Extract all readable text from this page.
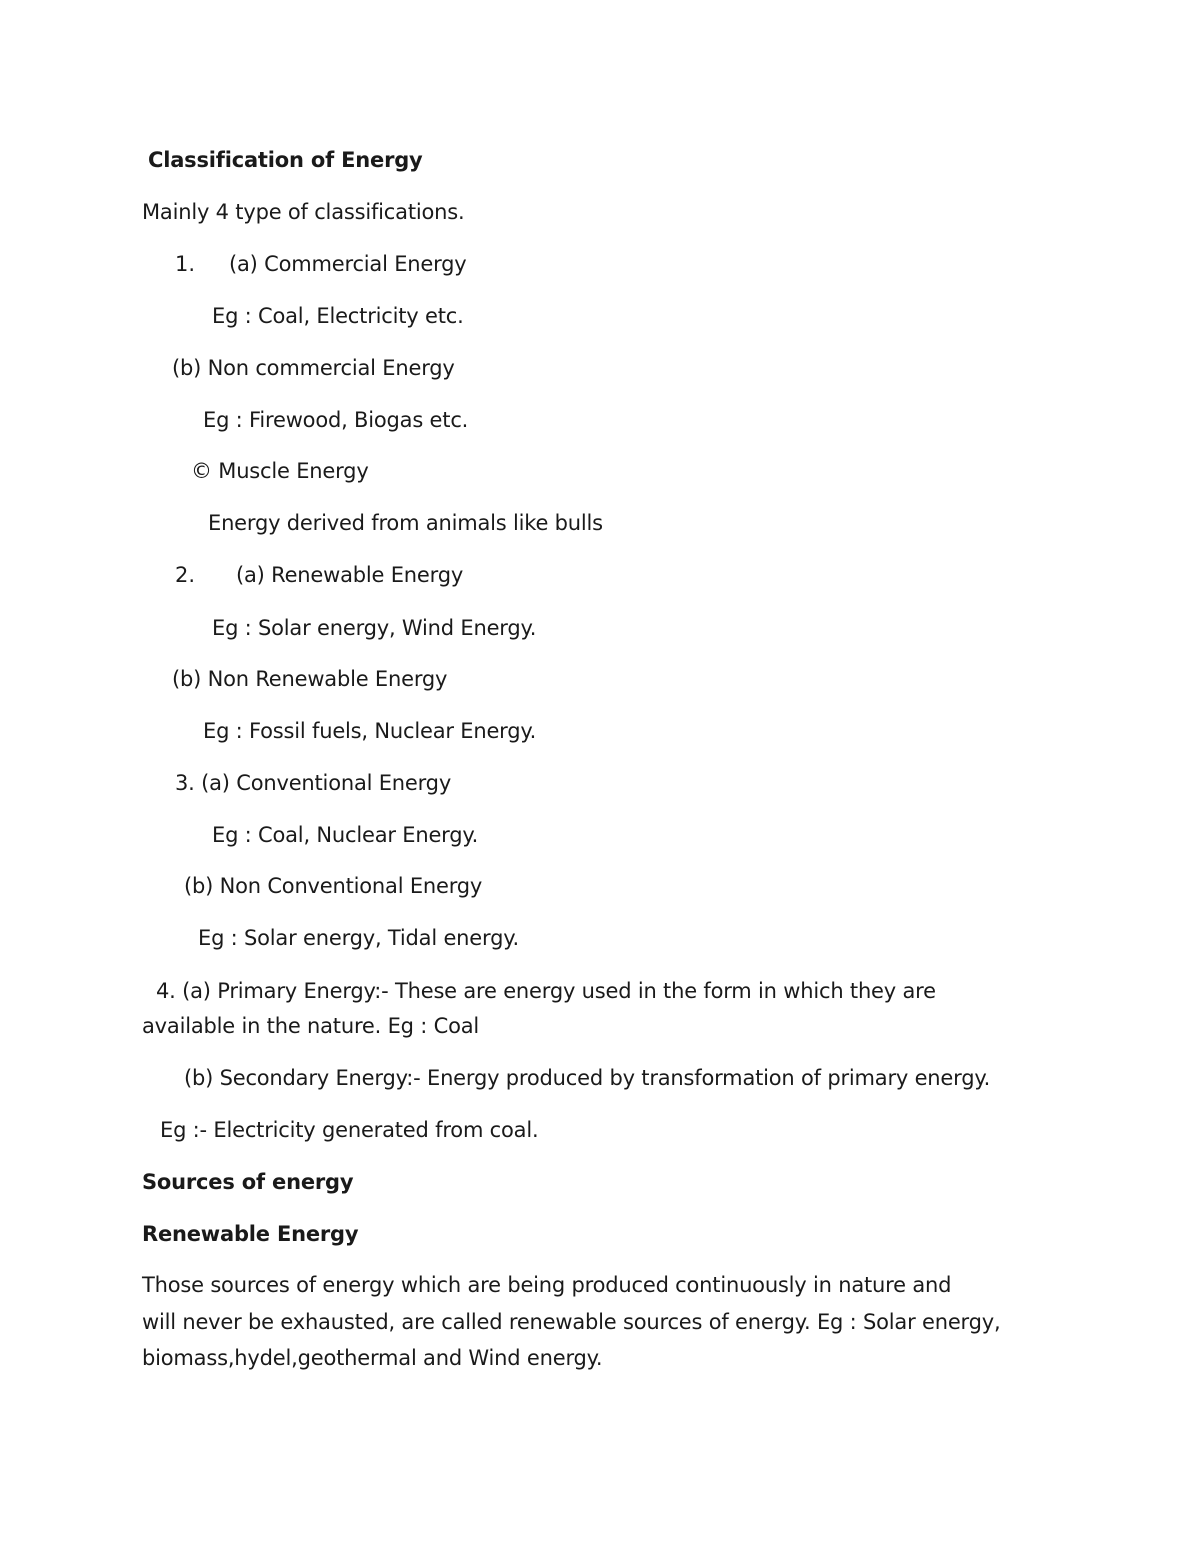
Classification of Energy
Mainly 4 type of classifications.
1. (a) Commercial Energy
Eg : Coal, Electricity etc.
(b) Non commercial Energy
Eg : Firewood, Biogas etc.
© Muscle Energy
Energy derived from animals like bulls
2. (a) Renewable Energy
Eg : Solar energy, Wind Energy.
(b) Non Renewable Energy
Eg : Fossil fuels, Nuclear Energy.
3. (a) Conventional Energy
Eg : Coal, Nuclear Energy.
(b) Non Conventional Energy
Eg : Solar energy, Tidal energy.
4. (a) Primary Energy:- These are energy used in the form in which they are
available in the nature. Eg : Coal
(b) Secondary Energy:- Energy produced by transformation of primary energy.
Eg :- Electricity generated from coal.
Sources of energy
Renewable Energy
Those sources of energy which are being produced continuously in nature and
will never be exhausted, are called renewable sources of energy. Eg : Solar energy,
biomass,hydel,geothermal and Wind energy.
